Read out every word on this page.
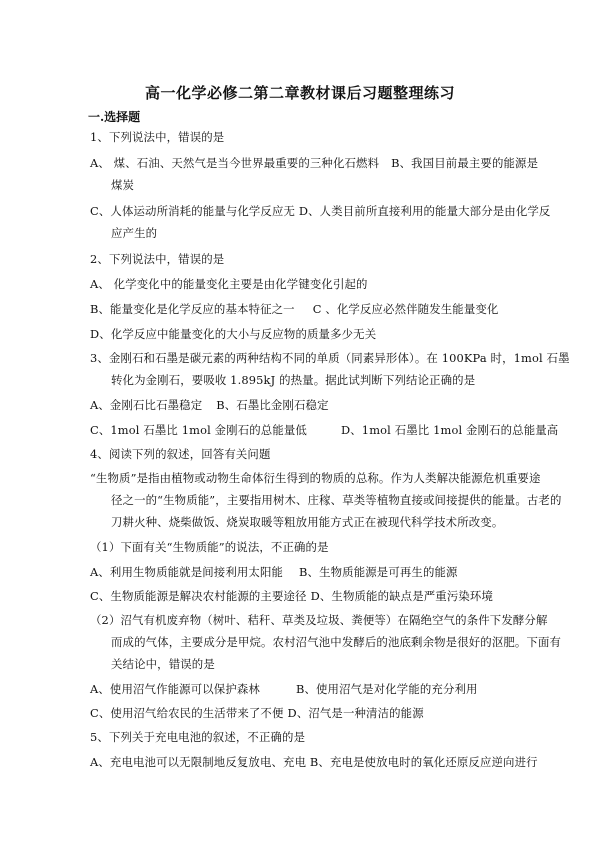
高一化学必修二第二章教材课后习题整理练习
一.选择题
1、下列说法中，错误的是
A、 煤、石油、天然气是当今世界最重要的三种化石燃料 B、我国目前最主要的能源是
煤炭
C、人体运动所消耗的能量与化学反应无 D、人类目前所直接利用的能量大部分是由化学反
应产生的
2、下列说法中，错误的是
A、 化学变化中的能量变化主要是由化学键变化引起的
B、能量变化是化学反应的基本特征之一 C 、化学反应必然伴随发生能量变化
D、化学反应中能量变化的大小与反应物的质量多少无关
3、金刚石和石墨是碳元素的两种结构不同的单质（同素异形体）。在 100KPa 时，1mol 石墨
转化为金刚石，要吸收 1.895kJ 的热量。据此试判断下列结论正确的是
A、金刚石比石墨稳定 B、石墨比金刚石稳定
C、1mol 石墨比 1mol 金刚石的总能量低	D、1mol 石墨比 1mol 金刚石的总能量高
4、阅读下列的叙述，回答有关问题
“生物质”是指由植物或动物生命体衍生得到的物质的总称。作为人类解决能源危机重要途
径之一的“生物质能”，主要指用树木、庄稼、草类等植物直接或间接提供的能量。古老的
刀耕火种、烧柴做饭、烧炭取暖等粗放用能方式正在被现代科学技术所改变。
（1）下面有关“生物质能”的说法，不正确的是
A、利用生物质能就是间接利用太阳能 B、生物质能源是可再生的能源
C、生物质能源是解决农村能源的主要途径 D、生物质能的缺点是严重污染环境
（2）沼气有机废弃物（树叶、秸秆、草类及垃圾、粪便等）在隔绝空气的条件下发酵分解
而成的气体，主要成分是甲烷。农村沼气池中发酵后的池底剩余物是很好的沤肥。下面有
关结论中，错误的是
A、使用沼气作能源可以保护森林	B、使用沼气是对化学能的充分利用
C、使用沼气给农民的生活带来了不便 D、沼气是一种清洁的能源
5、下列关于充电电池的叙述，不正确的是
A、充电电池可以无限制地反复放电、充电 B、充电是使放电时的氧化还原反应逆向进行
